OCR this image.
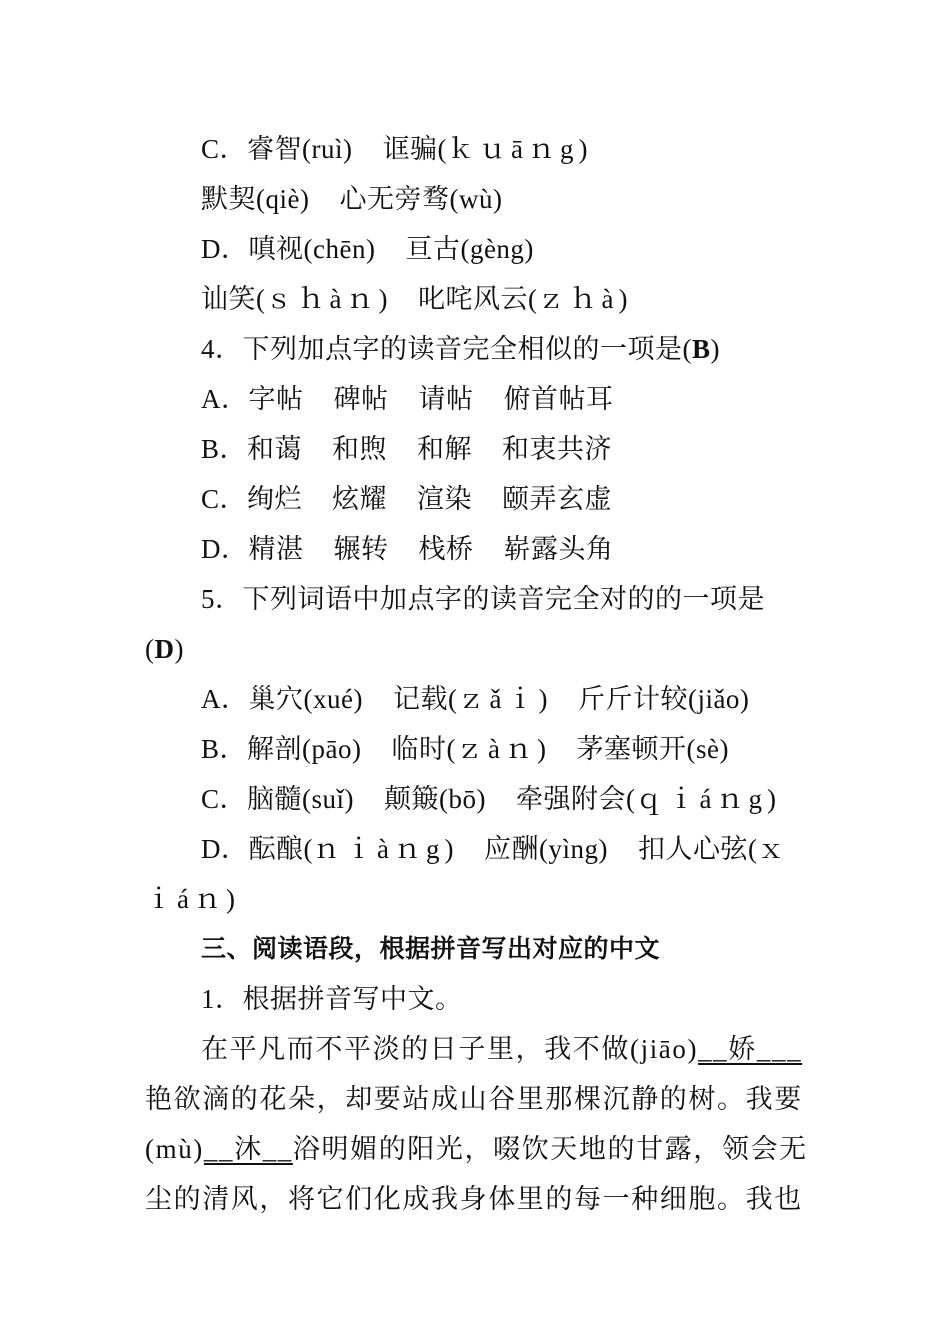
C．睿智(ruì) 诓骗(ｋｕāｎg)
默契(qiè) 心无旁骛(wù)
D．嗔视(chēn) 亘古(gèng)
讪笑(ｓｈàｎ) 叱咤风云(ｚｈà)
4．下列加点字的读音完全相似的一项是(B)
A．字帖 碑帖 请帖 俯首帖耳
B．和蔼 和煦 和解 和衷共济
C．绚烂 炫耀 渲染 颐弄玄虚
D．精湛 辗转 栈桥 崭露头角
5．下列词语中加点字的读音完全对的的一项是
(D)
A．巢穴(xué) 记载(ｚǎｉ) 斤斤计较(jiǎo)
B．解剖(pāo) 临时(ｚàｎ) 茅塞顿开(sè)
C．脑髓(suǐ) 颠簸(bō) 牵强附会(ｑｉáｎg)
D．酝酿(ｎｉàｎg) 应酬(yìng) 扣人心弦(ｘ
ｉáｎ)
三、阅读语段，根据拼音写出对应的中文
1．根据拼音写中文。
在平凡而不平淡的日子里，我不做(jiāo)__娇___
艳欲滴的花朵，却要站成山谷里那棵沉静的树。我要
(mù)__沐__浴明媚的阳光，啜饮天地的甘露，领会无
尘的清风，将它们化成我身体里的每一种细胞。我也
